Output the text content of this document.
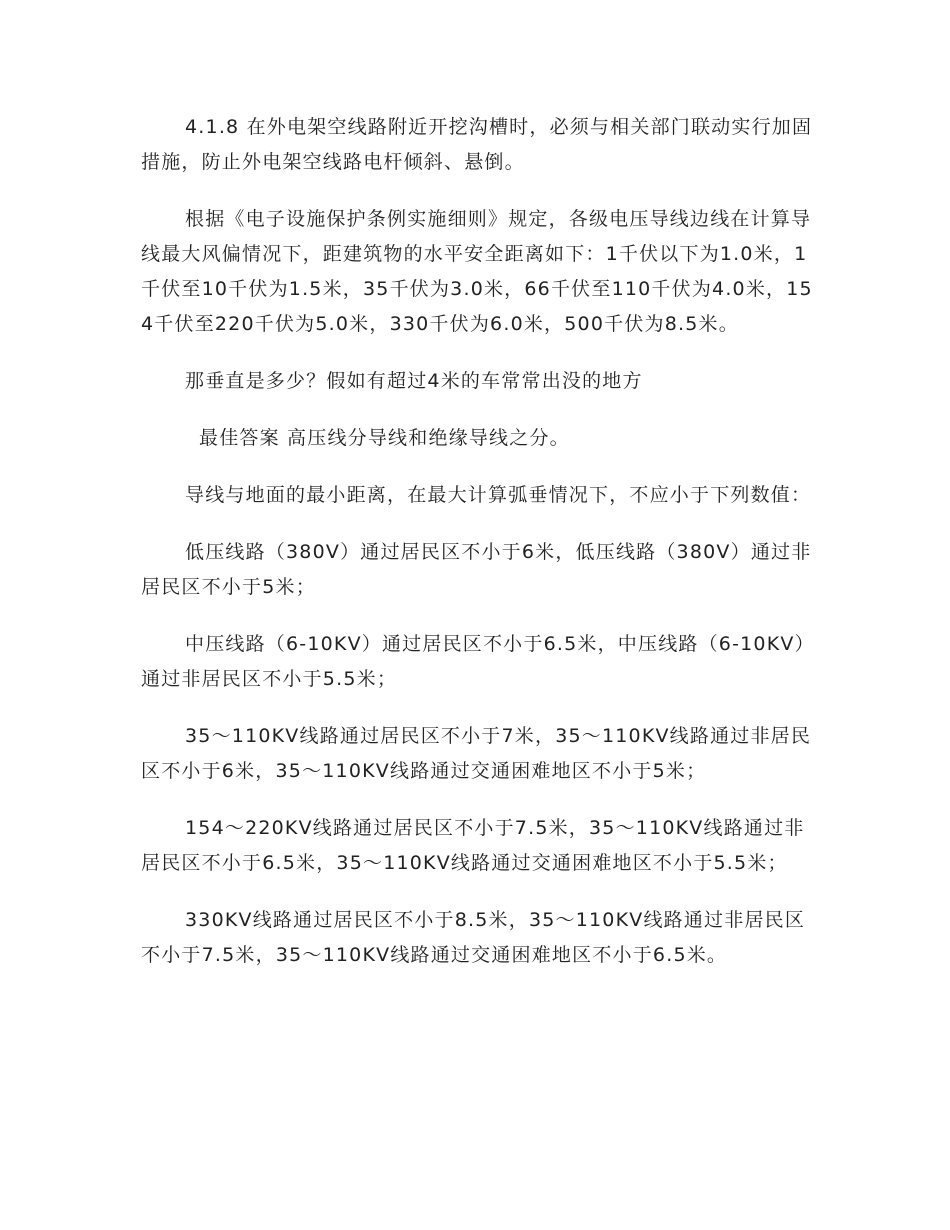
4.1.8 在外电架空线路附近开挖沟槽时，必须与相关部门联动实行加固措施，防止外电架空线路电杆倾斜、悬倒。

根据《电子设施保护条例实施细则》规定，各级电压导线边线在计算导线最大风偏情况下，距建筑物的水平安全距离如下：1千伏以下为1.0米，1千伏至10千伏为1.5米，35千伏为3.0米，66千伏至110千伏为4.0米，154千伏至220千伏为5.0米，330千伏为6.0米，500千伏为8.5米。

那垂直是多少？假如有超过4米的车常常出没的地方

最佳答案 高压线分导线和绝缘导线之分。

导线与地面的最小距离，在最大计算弧垂情况下，不应小于下列数值：

低压线路（380V）通过居民区不小于6米，低压线路（380V）通过非居民区不小于5米；

中压线路（6-10KV）通过居民区不小于6.5米，中压线路（6-10KV）通过非居民区不小于5.5米；

35～110KV线路通过居民区不小于7米，35～110KV线路通过非居民区不小于6米，35～110KV线路通过交通困难地区不小于5米；

154～220KV线路通过居民区不小于7.5米，35～110KV线路通过非居民区不小于6.5米，35～110KV线路通过交通困难地区不小于5.5米；

330KV线路通过居民区不小于8.5米，35～110KV线路通过非居民区不小于7.5米，35～110KV线路通过交通困难地区不小于6.5米。
